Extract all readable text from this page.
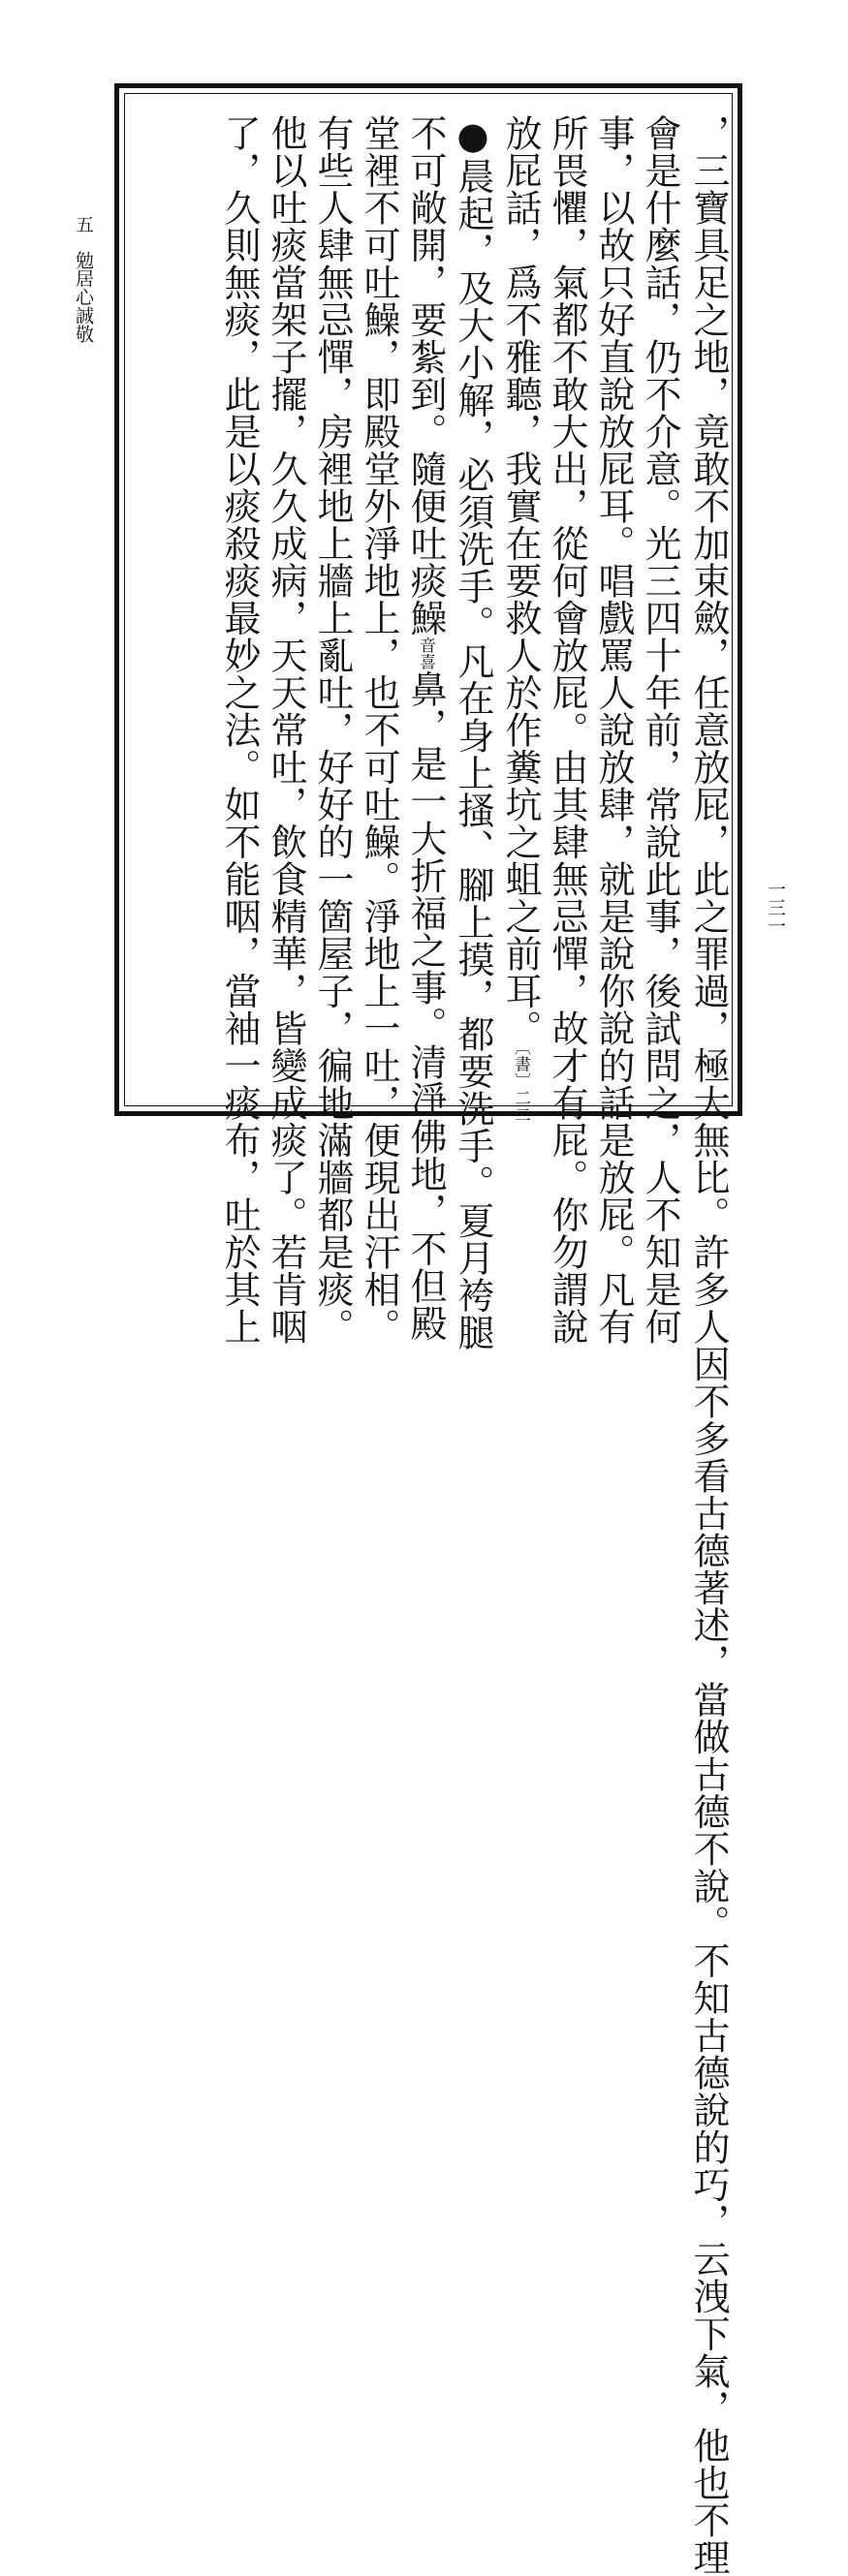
五勉居心誠敬
一三一
，三寶具足之地，竟敢不加束斂，任意放屁，此之罪過，極大無比。許多人因不多看古德著述，當做古德不說。不知古德說的巧，云洩下氣，他也不理
會是什麼話，仍不介意。光三四十年前，常說此事，後試問之，人不知是何
事，以故只好直說放屁耳。唱戲罵人說放肆，就是說你說的話是放屁。凡有
所畏懼，氣都不敢大出，從何會放屁。由其肆無忌憚，故才有屁。你勿謂說
放屁話，爲不雅聽，我實在要救人於作糞坑之蛆之前耳。〔書〕二二
●晨起，及大小解，必須洗手。凡在身上搔、腳上摸，都要洗手。夏月袴腿
不可敞開，要紮到。隨便吐痰鱢音喜鼻，是一大折福之事。清淨佛地，不但殿
堂裡不可吐鱢，即殿堂外淨地上，也不可吐鱢。淨地上一吐，便現出汗相。
有些人肆無忌憚，房裡地上牆上亂吐，好好的一箇屋子，徧地滿牆都是痰。
他以吐痰當架子擺，久久成病，天天常吐，飲食精華，皆變成痰了。若肯咽
了，久則無痰，此是以痰殺痰最妙之法。如不能咽，當袖一痰布，吐於其上
